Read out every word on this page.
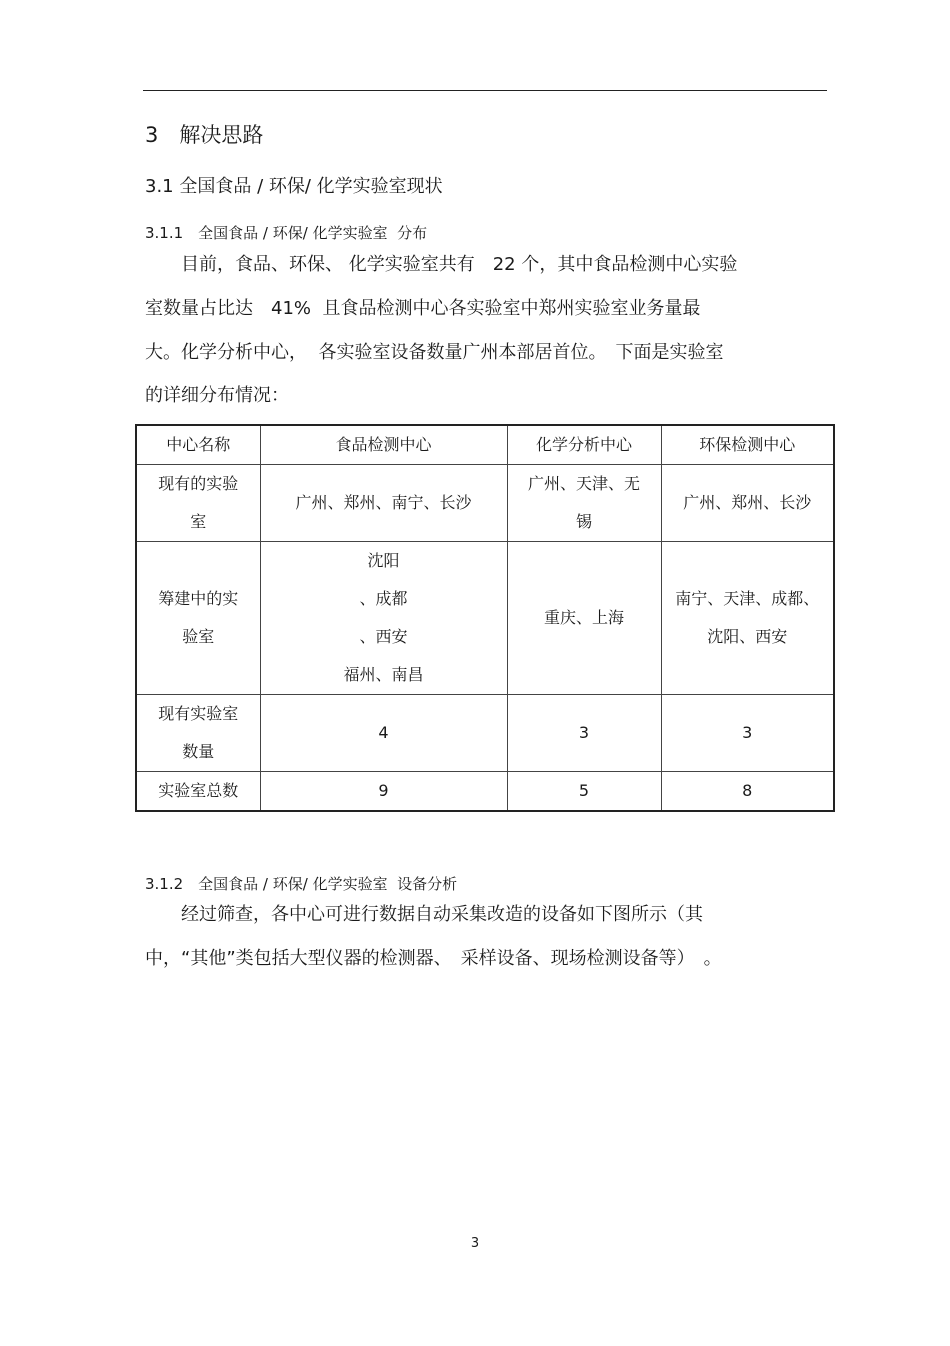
3　解决思路
3.1 全国食品 / 环保/ 化学实验室现状
3.1.1　全国食品 / 环保/ 化学实验室  分布
　　目前，食品、环保、 化学实验室共有　22 个，其中食品检测中心实验
室数量占比达　41%  且食品检测中心各实验室中郑州实验室业务量最
大。化学分析中心，  各实验室设备数量广州本部居首位。　下面是实验室
的详细分布情况：
中心名称	食品检测中心	化学分析中心	环保检测中心

现有的实验
室	广州、郑州、南宁、长沙	广州、天津、无
锡	广州、郑州、长沙

筹建中的实
验室	沈阳
、成都
、西安
福州、南昌	重庆、上海	南宁、天津、成都、
沈阳、西安

现有实验室
数量	4	3	3
实验室总数	9	5	8
3.1.2　全国食品 / 环保/ 化学实验室  设备分析
　　经过筛查，各中心可进行数据自动采集改造的设备如下图所示（其
中，“其他”类包括大型仪器的检测器、　采样设备、现场检测设备等）　。
3
